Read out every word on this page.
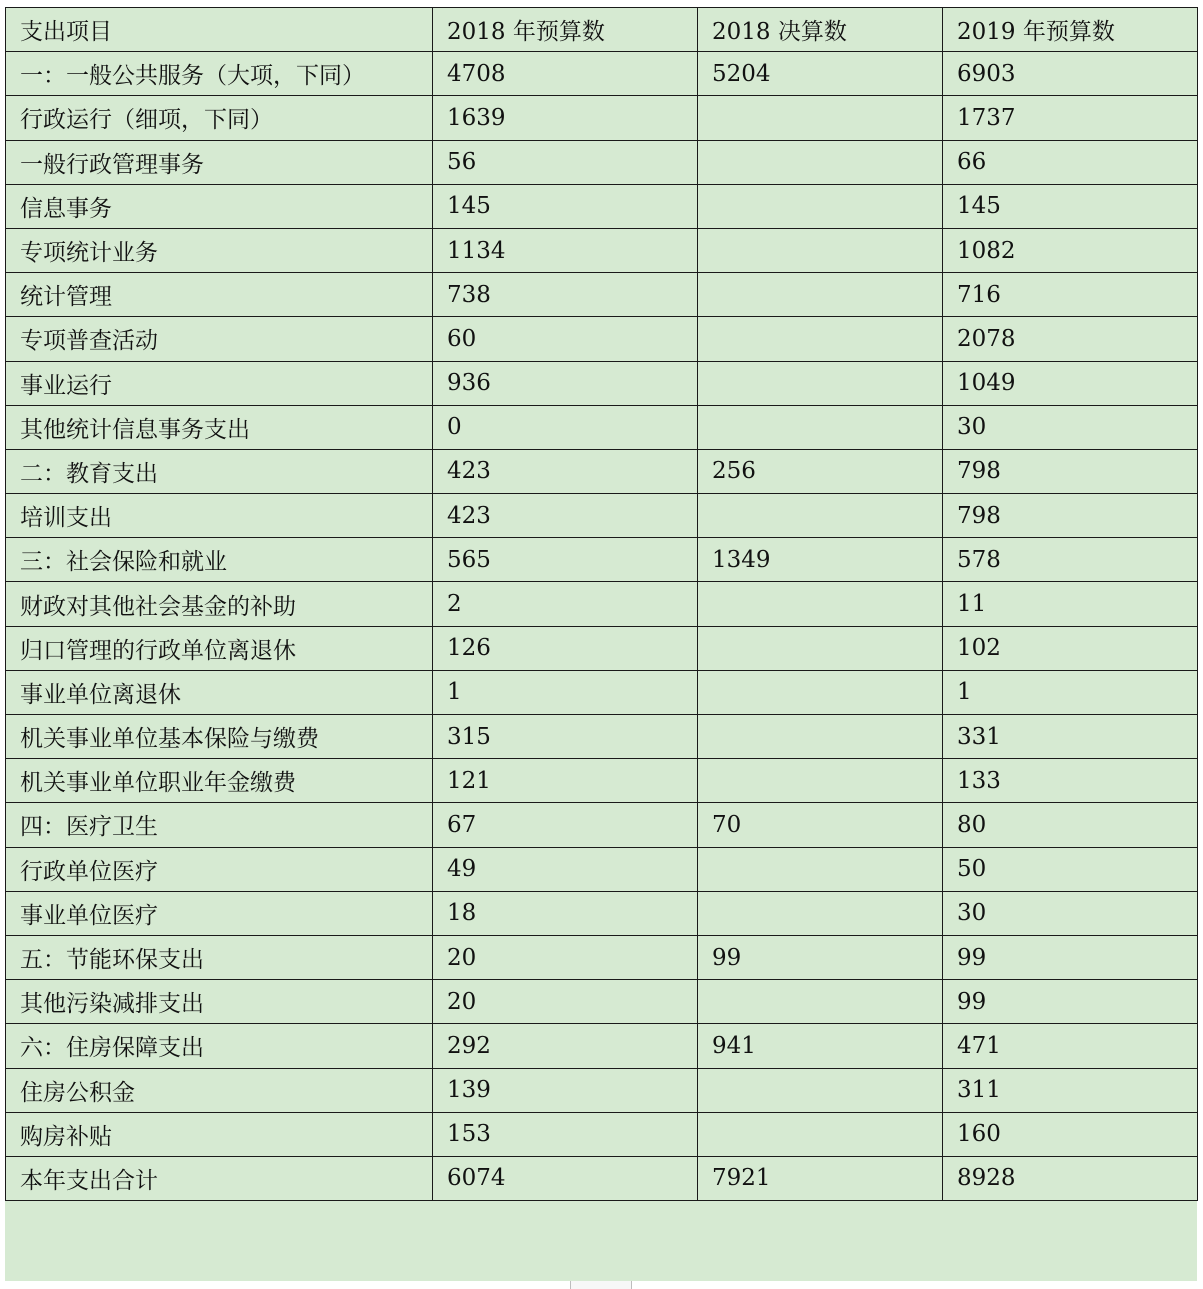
支出项目	2018 年预算数	2018 决算数	2019 年预算数
一：一般公共服务（大项，下同）	4708	5204	6903
行政运行（细项，下同）	1639		1737
一般行政管理事务	56		66
信息事务	145		145
专项统计业务	1134		1082
统计管理	738		716
专项普查活动	60		2078
事业运行	936		1049
其他统计信息事务支出	0		30
二：教育支出	423	256	798
培训支出	423		798
三：社会保险和就业	565	1349	578
财政对其他社会基金的补助	2		11
归口管理的行政单位离退休	126		102
事业单位离退休	1		1
机关事业单位基本保险与缴费	315		331
机关事业单位职业年金缴费	121		133
四：医疗卫生	67	70	80
行政单位医疗	49		50
事业单位医疗	18		30
五：节能环保支出	20	99	99
其他污染减排支出	20		99
六：住房保障支出	292	941	471
住房公积金	139		311
购房补贴	153		160
本年支出合计	6074	7921	8928
